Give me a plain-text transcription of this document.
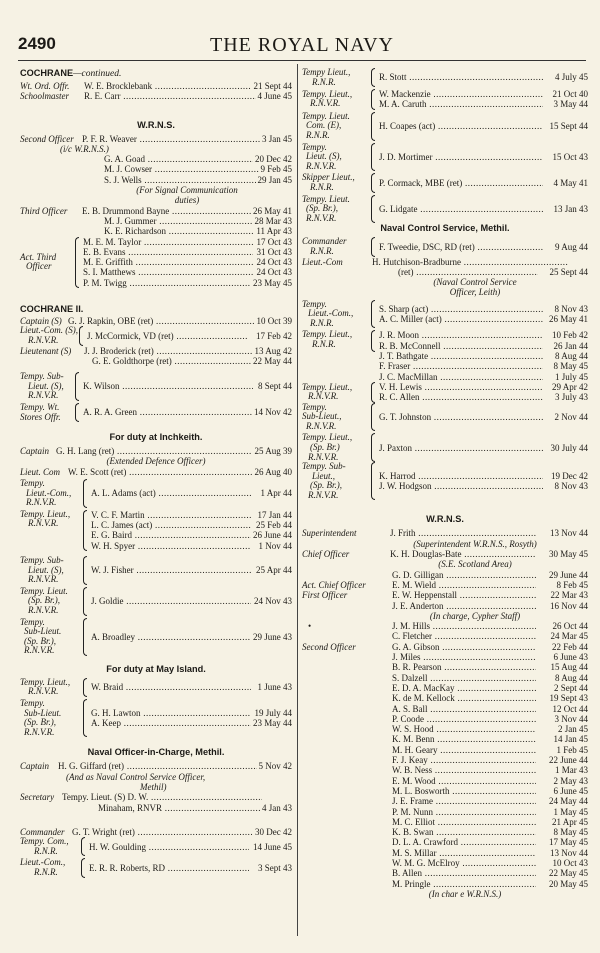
2490	THE ROYAL NAVY
COCHRANE—continued.
Wt. Ord. Offr. W. E. Brocklebank .....	21 Sept 44
Schoolmaster R. E. Carr .....	4 June 45
W.R.N.S.
Second Officer P. F. R. Weaver .....	3 Jan 45
(i/c W.R.N.S.)
G. A. Goad .....	20 Dec 42
M. J. Cowser .....	9 Feb 45
S. J. Wells .....	29 Jan 45
(For Signal Communication
duties)
Third Officer E. B. Drummond Bayne .....	26 May 41
M. J. Gummer .....	28 Mar 43
K. E. Richardson .....	11 Apr 43
Act. Third
Officer
M. E. M. Taylor .....	17 Oct 43
E. B. Evans .....	31 Oct 43
M. E. Griffith .....	24 Oct 43
S. I. Matthews .....	24 Oct 43
P. M. Twigg .....	23 May 45
COCHRANE II.
Captain (S) G. J. Rapkin, OBE (ret) .....	10 Oct 39
Lieut.-Com. (S),
R.N.V.R.	J. McCormick, VD (ret) .....	17 Feb 42
Lieutenant (S) J. J. Broderick (ret) .....	13 Aug 42
G. E. Goldthorpe (ret) .....	22 May 44
Tempy. Sub-
Lieut. (S),
R.N.V.R.
K. Wilson .....	8 Sept 44
Tempy. Wt.
Stores Offr.	A. R. A. Green .....	14 Nov 42
For duty at Inchkeith.
Captain G. H. Lang (ret) .....	25 Aug 39
(Extended Defence Officer)
Lieut. Com W. E. Scott (ret) .....	26 Aug 40
Tempy.
Lieut.-Com.,
R.N.V.R.
A. L. Adams (act) .....	1 Apr 44
Tempy. Lieut.,
R.N.V.R.
V. C. F. Martin .....	17 Jan 44
L. C. James (act) .....	25 Feb 44
E. G. Baird .....	26 June 44
W. H. Spyer .....	1 Nov 44
Tempy. Sub-
Lieut. (S),
R.N.V.R.
W. J. Fisher .....	25 Apr 44
Tempy. Lieut.
(Sp. Br.),
R.N.V.R.
J. Goldie .....	24 Nov 43
Tempy.
Sub-Lieut.
(Sp. Br.),
R.N.V.R.
A. Broadley .....	29 June 43
For duty at May Island.
Tempy. Lieut.,
R.N.V.R.	W. Braid .....	1 June 43
Tempy.
Sub-Lieut.
(Sp. Br.),
R.N.V.R.
G. H. Lawton .....	19 July 44
A. Keep .....	23 May 44
Naval Officer-in-Charge, Methil.
Captain H. G. Giffard (ret) .....	5 Nov 42
(And as Naval Control Service Officer,
Methil)
Secretary Tempy. Lieut. (S) D. W. .....
Minaham, RNVR .....	4 Jan 43
Commander G. T. Wright (ret) .....	30 Dec 42
Tempy. Com.,
R.N.R.	H. W. Goulding .....	14 June 45
Lieut.-Com.,
R.N.R.	E. R. R. Roberts, RD .....	3 Sept 43
Tempy Lieut.,
R.N.R.	R. Stott .....	4 July 45
Tempy. Lieut.,
R.N.V.R.
W. Mackenzie .....	21 Oct 40
M. A. Caruth .....	3 May 44
Tempy. Lieut.
Com. (E),
R.N.R.
H. Coapes (act) .....	15 Sept 44
Tempy.
Lieut. (S),
R.N.V.R.
J. D. Mortimer .....	15 Oct 43
Skipper Lieut.,
R.N.R.	P. Cormack, MBE (ret) .....	4 May 41
Tempy. Lieut.
(Sp. Br.),
R.N.V.R.
G. Lidgate .....	13 Jan 43
Naval Control Service, Methil.
Commander
R.N.R.	F. Tweedie, DSC, RD (ret) .....	9 Aug 44
Lieut.-Com	H. Hutchison-Bradburne .....
(ret) .....	25 Sept 44
(Naval Control Service
Officer, Leith)
Tempy.
Lieut.-Com.,
R.N.R.
S. Sharp (act) .....	8 Nov 43
A. C. Miller (act) .....	26 May 41
Tempy. Lieut.,
R.N.R.
J. R. Moon .....	10 Feb 42
R. B. McConnell .....	26 Jan 44
J. T. Bathgate .....	8 Aug 44
F. Fraser .....	8 May 45
J. C. MacMillan .....	1 July 45
Tempy. Lieut.,
R.N.V.R.
V. H. Lewis .....	29 Apr 42
R. C. Allen .....	3 July 43
Tempy.
Sub-Lieut.,
R.N.V.R.
G. T. Johnston .....	2 Nov 44
Tempy. Lieut.,
(Sp. Br.)
R.N.V.R.
J. Paxton .....	30 July 44
Tempy. Sub-
Lieut.,
(Sp. Br.),
R.N.V.R.
K. Harrod .....	19 Dec 42
J. W. Hodgson .....	8 Nov 43
W.R.N.S.
Superintendent	J. Frith .....	13 Nov 44
(Superintendent W.R.N.S., Rosyth)
Chief Officer	K. H. Douglas-Bate .....	30 May 45
(S.E. Scotland Area)
G. D. Gilligan .....	29 June 44
Act. Chief Officer	E. M. Wield .....	8 Feb 45
First Officer	E. W. Heppenstall .....	22 Mar 43
J. E. Anderton .....	16 Nov 44
(In charge, Cypher Staff)
•	J. M. Hills .....	26 Oct 44
C. Fletcher .....	24 Mar 45
Second Officer	G. A. Gibson .....	22 Feb 44
J. Miles .....	6 June 43
B. R. Pearson .....	15 Aug 44
S. Dalzell .....	8 Aug 44
E. D. A. MacKay .....	2 Sept 44
K. de M. Kellock .....	19 Sept 43
A. S. Ball .....	12 Oct 44
P. Coode .....	3 Nov 44
W. S. Hood .....	2 Jan 45
K. M. Benn .....	14 Jan 45
M. H. Geary .....	1 Feb 45
F. J. Keay .....	22 June 44
W. B. Ness .....	1 Mar 43
E. M. Wood .....	2 May 43
M. L. Bosworth .....	6 June 45
J. E. Frame .....	24 May 44
P. M. Nunn .....	1 May 45
M. C. Elliot .....	21 Apr 45
K. B. Swan .....	8 May 45
D. L. A. Crawford .....	17 May 45
M. S. Millar .....	13 Nov 44
W. M. G. McElroy .....	10 Oct 43
B. Allen .....	22 May 45
M. Pringle .....	20 May 45
(In char e W.R.N.S.)
